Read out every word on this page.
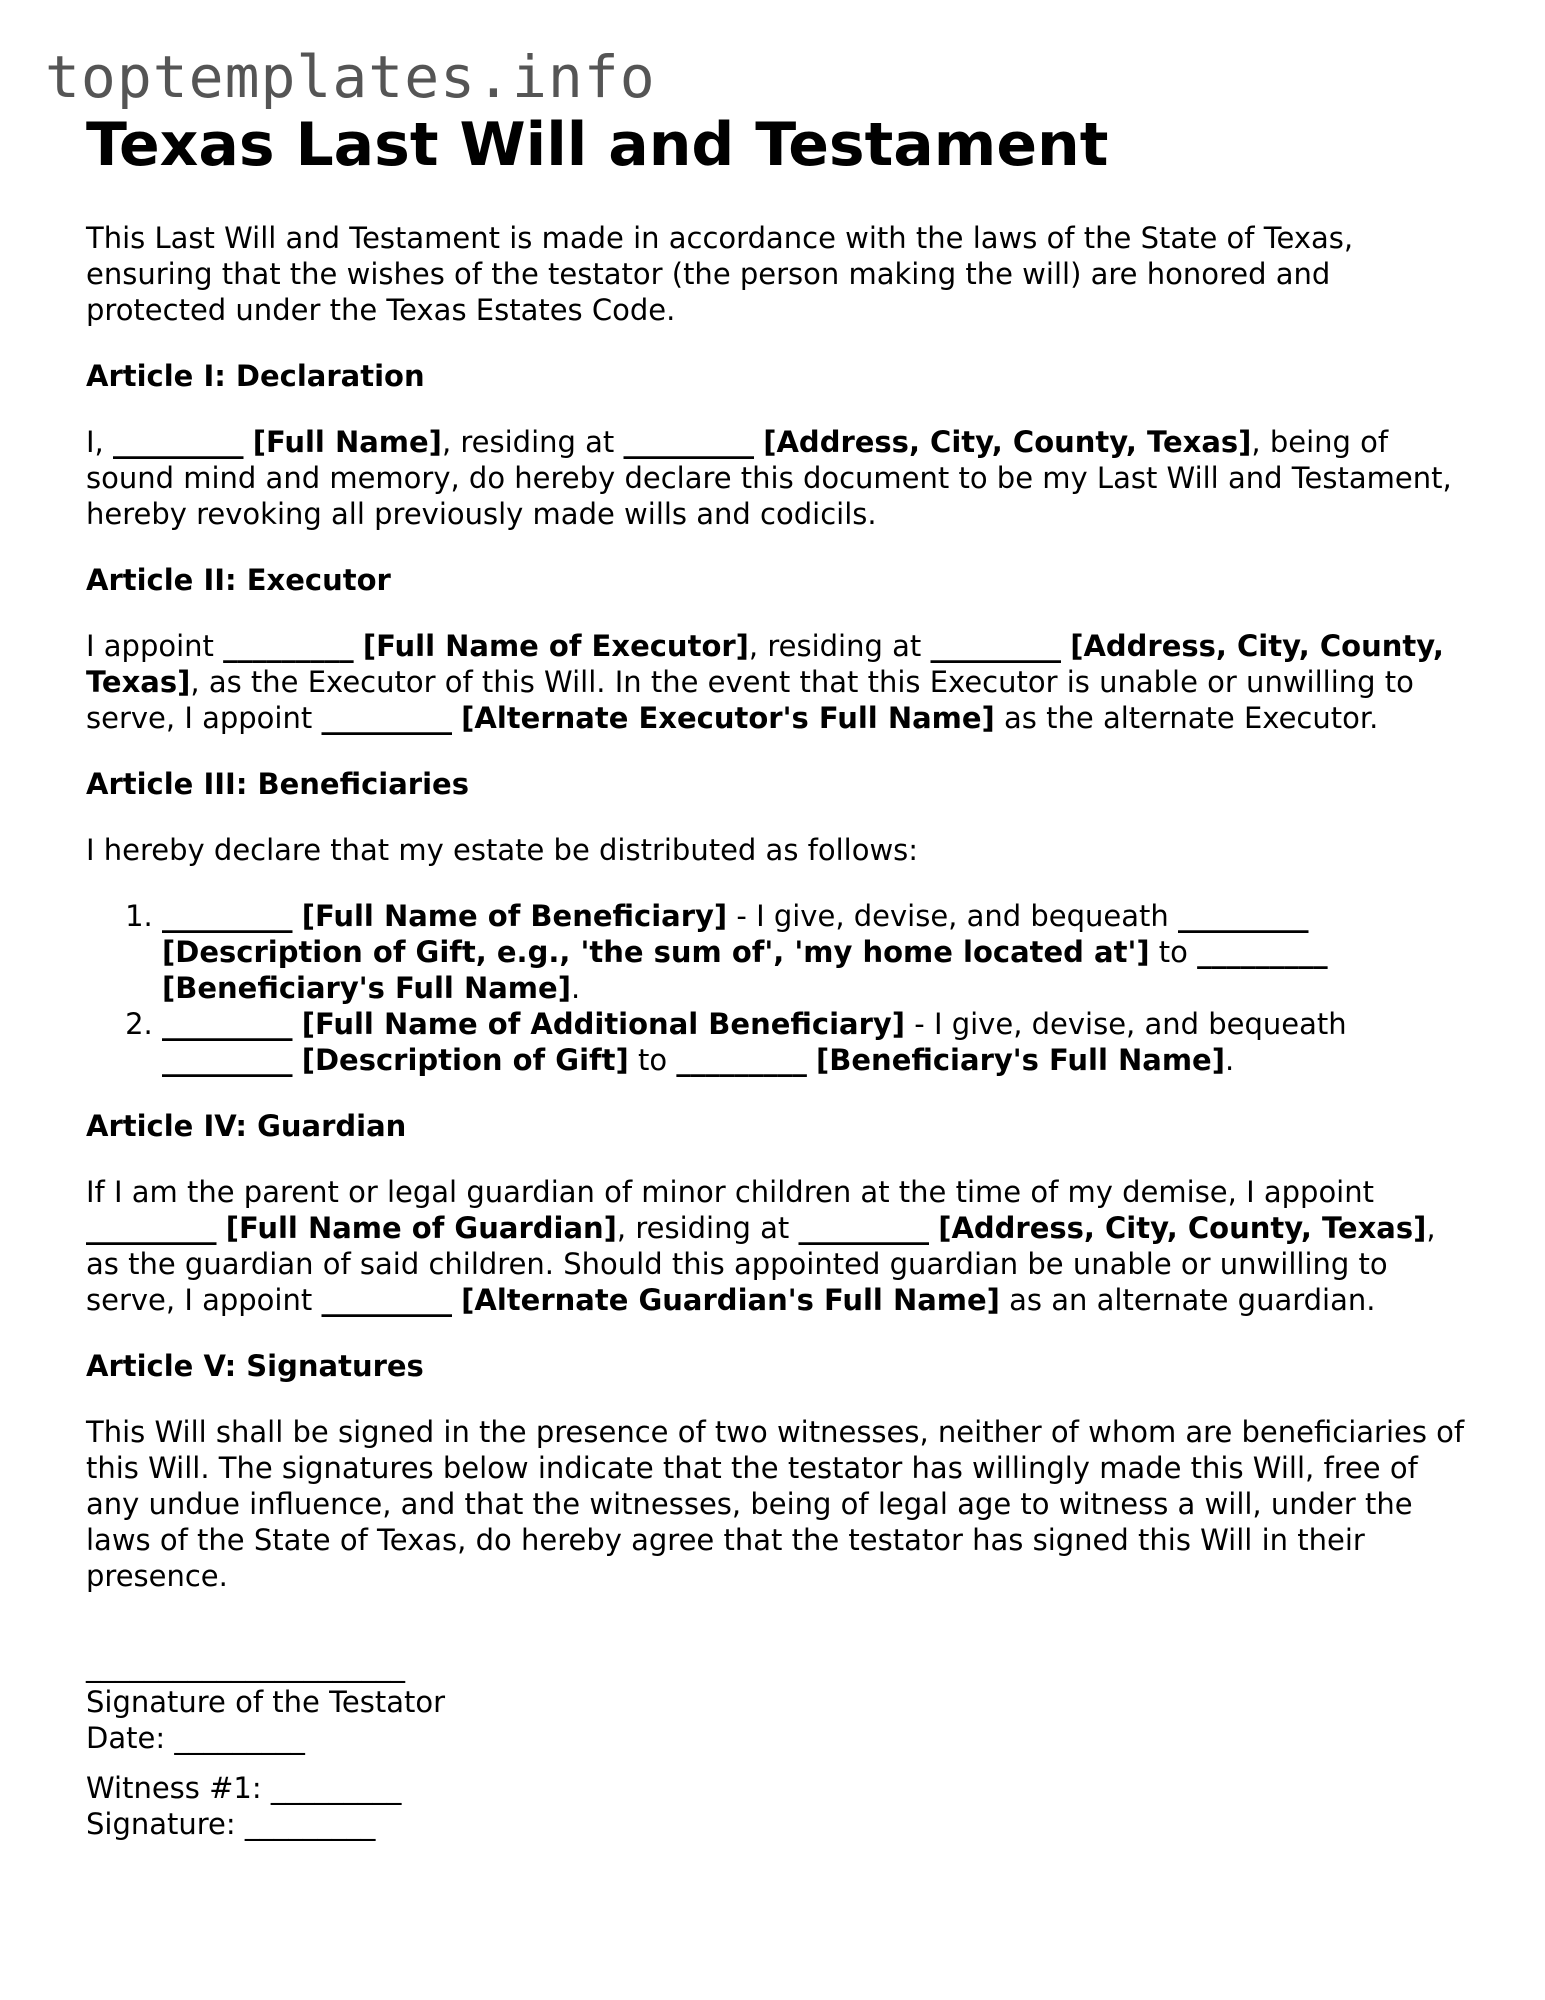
toptemplates.info
Texas Last Will and Testament

This Last Will and Testament is made in accordance with the laws of the State of Texas, ensuring that the wishes of the testator (the person making the will) are honored and protected under the Texas Estates Code.

Article I: Declaration

I, _________ [Full Name], residing at _________ [Address, City, County, Texas], being of sound mind and memory, do hereby declare this document to be my Last Will and Testament, hereby revoking all previously made wills and codicils.

Article II: Executor

I appoint _________ [Full Name of Executor], residing at _________ [Address, City, County, Texas], as the Executor of this Will. In the event that this Executor is unable or unwilling to serve, I appoint _________ [Alternate Executor's Full Name] as the alternate Executor.

Article III: Beneficiaries

I hereby declare that my estate be distributed as follows:

1. _________ [Full Name of Beneficiary] - I give, devise, and bequeath _________ [Description of Gift, e.g., 'the sum of', 'my home located at'] to _________ [Beneficiary's Full Name].
2. _________ [Full Name of Additional Beneficiary] - I give, devise, and bequeath _________ [Description of Gift] to _________ [Beneficiary's Full Name].
Article IV: Guardian

If I am the parent or legal guardian of minor children at the time of my demise, I appoint _________ [Full Name of Guardian], residing at _________ [Address, City, County, Texas], as the guardian of said children. Should this appointed guardian be unable or unwilling to serve, I appoint _________ [Alternate Guardian's Full Name] as an alternate guardian.

Article V: Signatures

This Will shall be signed in the presence of two witnesses, neither of whom are beneficiaries of this Will. The signatures below indicate that the testator has willingly made this Will, free of any undue influence, and that the witnesses, being of legal age to witness a will, under the laws of the State of Texas, do hereby agree that the testator has signed this Will in their presence.

______________________
Signature of the Testator
Date: _________
Witness #1: _________
Signature: _________
